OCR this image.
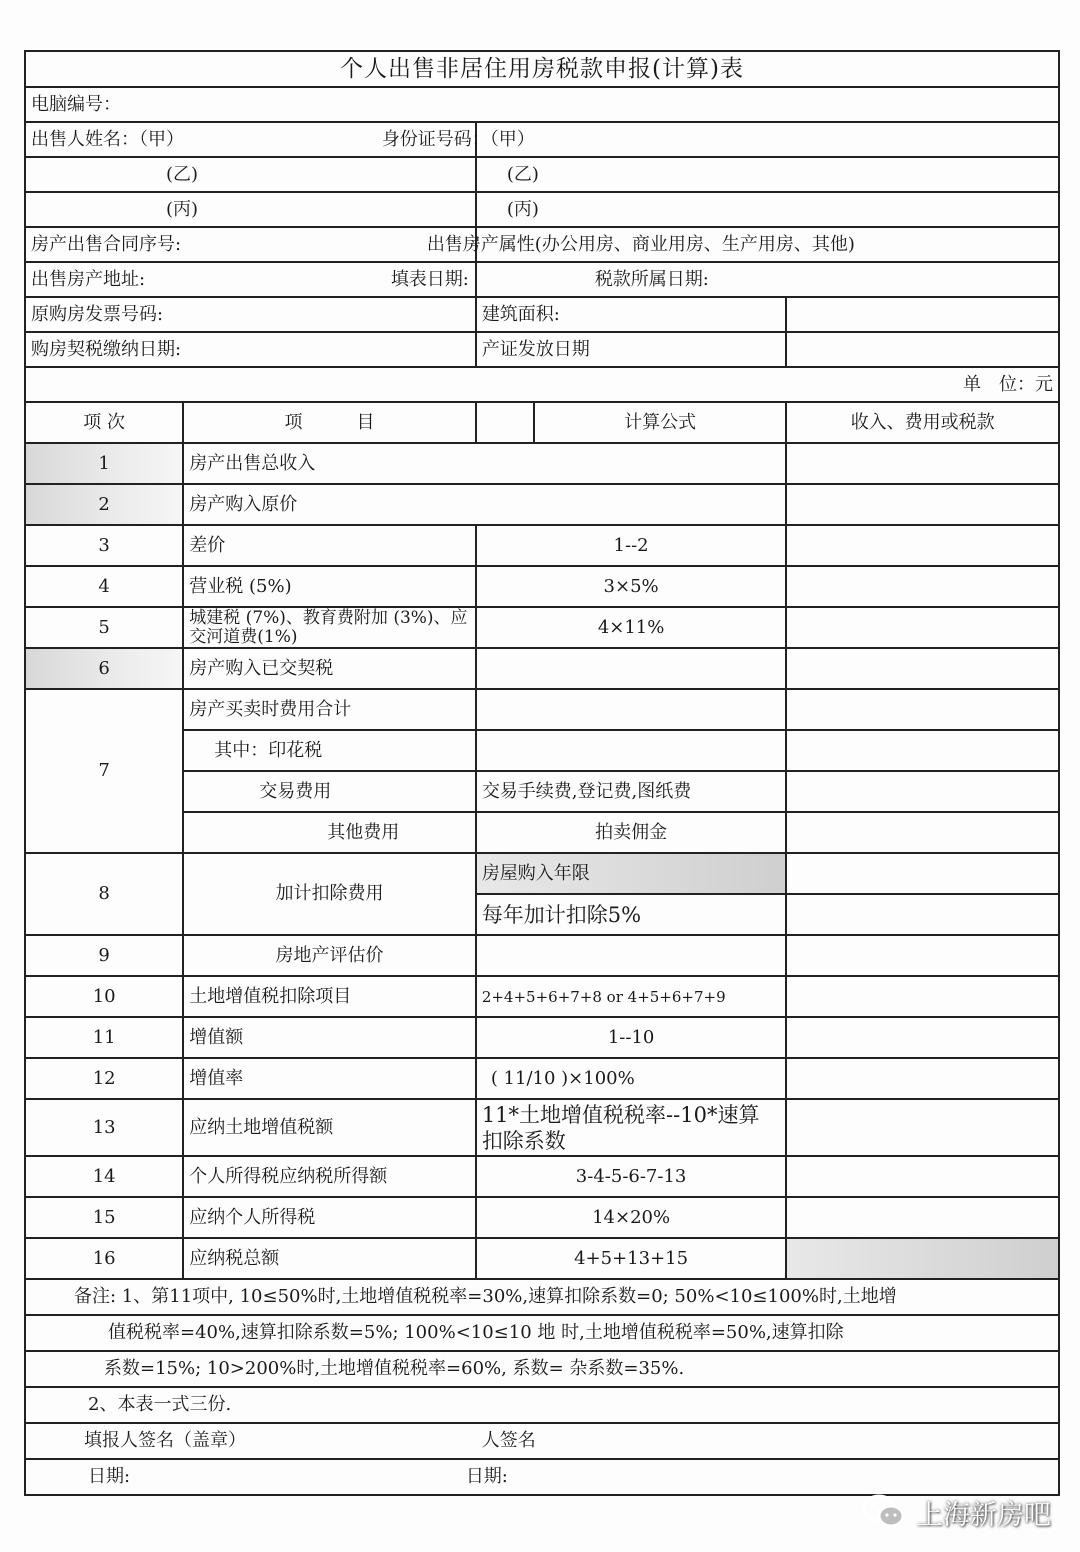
个人出售非居住用房税款申报(计算)表				
电脑编号：				
出售人姓名：（甲）		身份证号码：（甲）		
(乙)		(乙)		
(丙)		(丙)		
房产出售合同序号:		出售房产属性(办公用房、商业用房、生产用房、其他)		
出售房产地址: 填表日期:		税款所属日期:		
原购房发票号码:		建筑面积:		
购房契税缴纳日期:		产证发放日期		
单　位：元				
项 次	项　　　目		计算公式	收入、费用或税款
1	房产出售总收入			
2	房产购入原价			
3	差价	1--2		
4	营业税 (5%)	3×5%		
5	城建税 (7%)、教育费附加 (3%)、应交河道费(1%)	4×11%		
6	房产购入已交契税			
7	房产买卖时费用合计			
	其中：印花税			
	交易费用	交易手续费,登记费,图纸费		
	其他费用	拍卖佣金		
8	加计扣除费用	房屋购入年限		
		每年加计扣除5%		
9	房地产评估价			
10	土地增值税扣除项目	2+4+5+6+7+8 or 4+5+6+7+9		
11	增值额	1--10		
12	增值率	( 11/10 )×100%		
13	应纳土地增值税额	11*土地增值税税率--10*速算扣除系数		
14	个人所得税应纳税所得额	3-4-5-6-7-13		
15	应纳个人所得税	14×20%		
16	应纳税总额	4+5+13+15		
备注: 1、第11项中, 10≤50%时,土地增值税税率=30%,速算扣除系数=0; 50%<10≤100%时,土地增				
值税税率=40%,速算扣除系数=5%; 100%<10≤10 地 时,土地增值税税率=50%,速算扣除				
系数=15%; 10>200%时,土地增值税税率=60%, 系数= 杂系数=35%.				
2、本表一式三份.				
填报人签名（盖章） 人签名				
日期: 日期:				
上海新房吧
